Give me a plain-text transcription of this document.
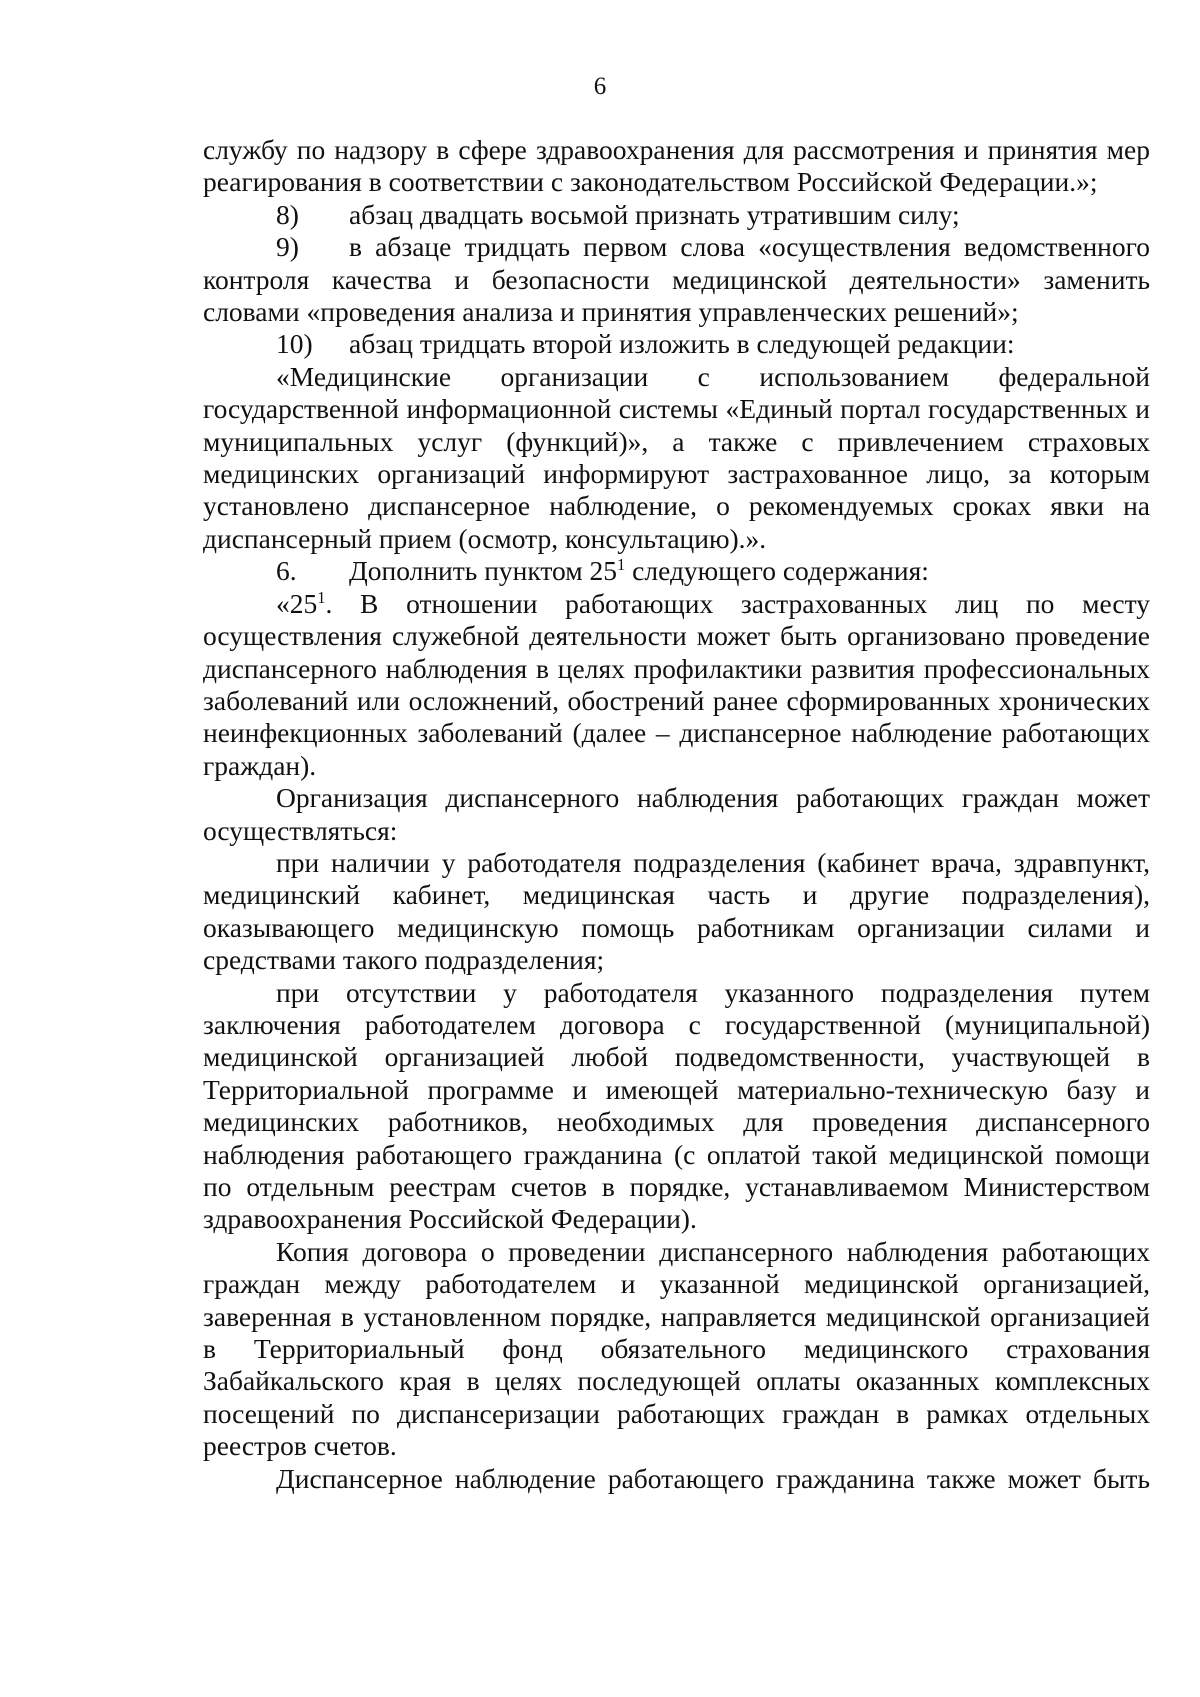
6

службу по надзору в сфере здравоохранения для рассмотрения и принятия мер реагирования в соответствии с законодательством Российской Федерации.»;

8) абзац двадцать восьмой признать утратившим силу;

9) в абзаце тридцать первом слова «осуществления ведомственного контроля качества и безопасности медицинской деятельности» заменить словами «проведения анализа и принятия управленческих решений»;

10) абзац тридцать второй изложить в следующей редакции:

«Медицинские организации с использованием федеральной государственной информационной системы «Единый портал государственных и муниципальных услуг (функций)», а также с привлечением страховых медицинских организаций информируют застрахованное лицо, за которым установлено диспансерное наблюдение, о рекомендуемых сроках явки на диспансерный прием (осмотр, консультацию).».

6. Дополнить пунктом $25^1$ следующего содержания:

«$25^1$. В отношении работающих застрахованных лиц по месту осуществления служебной деятельности может быть организовано проведение диспансерного наблюдения в целях профилактики развития профессиональных заболеваний или осложнений, обострений ранее сформированных хронических неинфекционных заболеваний (далее – диспансерное наблюдение работающих граждан).

Организация диспансерного наблюдения работающих граждан может осуществляться:

при наличии у работодателя подразделения (кабинет врача, здравпункт, медицинский кабинет, медицинская часть и другие подразделения), оказывающего медицинскую помощь работникам организации силами и средствами такого подразделения;

при отсутствии у работодателя указанного подразделения путем заключения работодателем договора с государственной (муниципальной) медицинской организацией любой подведомственности, участвующей в Территориальной программе и имеющей материально-техническую базу и медицинских работников, необходимых для проведения диспансерного наблюдения работающего гражданина (с оплатой такой медицинской помощи по отдельным реестрам счетов в порядке, устанавливаемом Министерством здравоохранения Российской Федерации).

Копия договора о проведении диспансерного наблюдения работающих граждан между работодателем и указанной медицинской организацией, заверенная в установленном порядке, направляется медицинской организацией в Территориальный фонд обязательного медицинского страхования Забайкальского края в целях последующей оплаты оказанных комплексных посещений по диспансеризации работающих граждан в рамках отдельных реестров счетов.

Диспансерное наблюдение работающего гражданина также может быть
